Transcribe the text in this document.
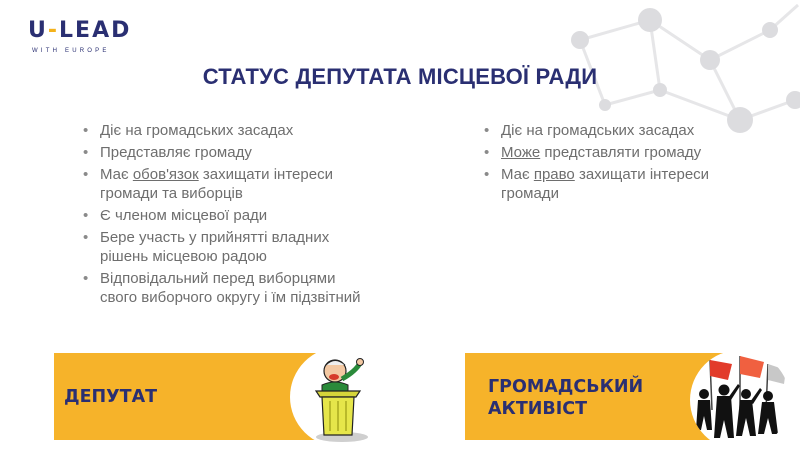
U-LEAD
WITH EUROPE
СТАТУС ДЕПУТАТА МІСЦЕВОЇ РАДИ
• Діє на громадських засадах
• Представляє громаду
• Має обов'язок захищати інтереси громади та виборців
• Є членом місцевої ради
• Бере участь у прийнятті владних рішень місцевою радою
• Відповідальний перед виборцями свого виборчого округу і їм підзвітний
• Діє на громадських засадах
• Може представляти громаду
• Має право захищати інтереси громади
ДЕПУТАТ	ГРОМАДСЬКИЙ АКТИВІСТ
